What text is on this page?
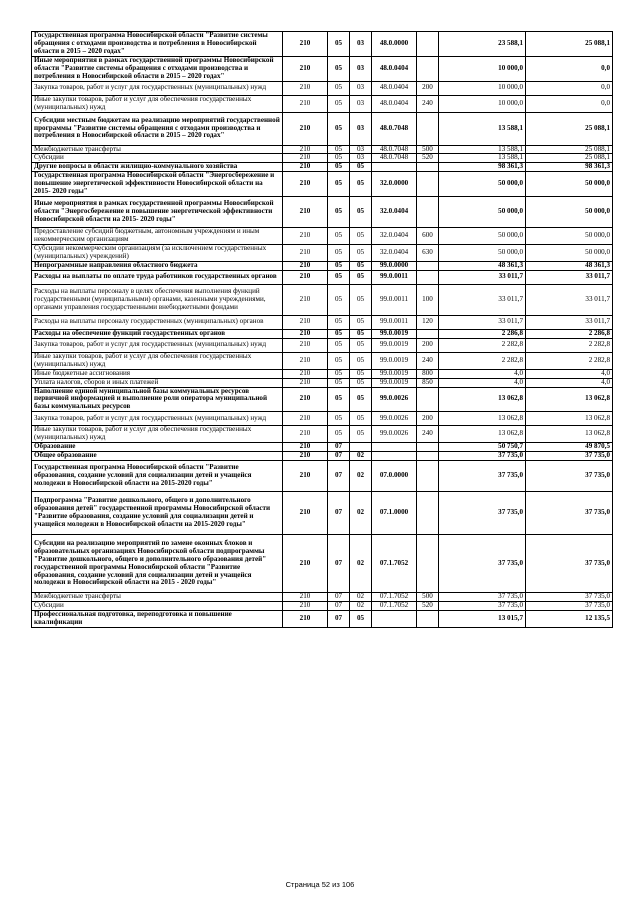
Государственная программа Новосибирской области "Развитие системы обращения с отходами производства и потребления в Новосибирской области в 2015 – 2020 годах"	210	05	03	48.0.0000		23 588,1	25 088,1
Иные мероприятия в рамках государственной программы Новосибирской области "Развитие системы обращения с отходами производства и потребления в Новосибирской области в 2015 – 2020 годах"	210	05	03	48.0.0404		10 000,0	0,0
Закупка товаров, работ и услуг для государственных (муниципальных) нужд	210	05	03	48.0.0404	200	10 000,0	0,0
Иные закупки товаров, работ и услуг для обеспечения государственных (муниципальных) нужд	210	05	03	48.0.0404	240	10 000,0	0,0
Субсидии местным бюджетам на реализацию мероприятий государственной программы "Развитие системы обращения с отходами производства и потребления в Новосибирской области в 2015 – 2020 годах"	210	05	03	48.0.7048		13 588,1	25 088,1
Межбюджетные трансферты	210	05	03	48.0.7048	500	13 588,1	25 088,1
Субсидии	210	05	03	48.0.7048	520	13 588,1	25 088,1
Другие вопросы в области жилищно-коммунального хозяйства	210	05	05			98 361,3	98 361,3
Государственная программа Новосибирской области "Энергосбережение и повышение энергетической эффективности Новосибирской области на 2015- 2020 годы"	210	05	05	32.0.0000		50 000,0	50 000,0
Иные мероприятия в рамках государственной программы Новосибирской области "Энергосбережение и повышение энергетической эффективности Новосибирской области на 2015- 2020 годы"	210	05	05	32.0.0404		50 000,0	50 000,0
Предоставление субсидий бюджетным, автономным учреждениям и иным некоммерческим организациям	210	05	05	32.0.0404	600	50 000,0	50 000,0
Субсидии некоммерческим организациям (за исключением государственных (муниципальных) учреждений)	210	05	05	32.0.0404	630	50 000,0	50 000,0
Непрограммные направления областного бюджета	210	05	05	99.0.0000		48 361,3	48 361,3
Расходы на выплаты по оплате труда работников государственных органов	210	05	05	99.0.0011		33 011,7	33 011,7
Расходы на выплаты персоналу в целях обеспечения выполнения функций государственными (муниципальными) органами, казенными учреждениями, органами управления государственными внебюджетными фондами	210	05	05	99.0.0011	100	33 011,7	33 011,7
Расходы на выплаты персоналу государственных (муниципальных) органов	210	05	05	99.0.0011	120	33 011,7	33 011,7
Расходы на обеспечение функций государственных органов	210	05	05	99.0.0019		2 286,8	2 286,8
Закупка товаров, работ и услуг для государственных (муниципальных) нужд	210	05	05	99.0.0019	200	2 282,8	2 282,8
Иные закупки товаров, работ и услуг для обеспечения государственных (муниципальных) нужд	210	05	05	99.0.0019	240	2 282,8	2 282,8
Иные бюджетные ассигнования	210	05	05	99.0.0019	800	4,0	4,0
Уплата налогов, сборов и иных платежей	210	05	05	99.0.0019	850	4,0	4,0
Наполнение единой муниципальной базы коммунальных ресурсов первичной информацией и выполнение роли оператора муниципальной базы коммунальных ресурсов	210	05	05	99.0.0026		13 062,8	13 062,8
Закупка товаров, работ и услуг для государственных (муниципальных) нужд	210	05	05	99.0.0026	200	13 062,8	13 062,8
Иные закупки товаров, работ и услуг для обеспечения государственных (муниципальных) нужд	210	05	05	99.0.0026	240	13 062,8	13 062,8
Образование	210	07				50 750,7	49 870,5
Общее образование	210	07	02			37 735,0	37 735,0
Государственная программа Новосибирской области "Развитие образования, создание условий для социализации детей и учащейся молодежи в Новосибирской области на 2015-2020 годы"	210	07	02	07.0.0000		37 735,0	37 735,0
Подпрограмма "Развитие дошкольного, общего и дополнительного образования детей" государственной программы Новосибирской области "Развитие образования, создание условий для социализации детей и учащейся молодежи в Новосибирской области на 2015-2020 годы"	210	07	02	07.1.0000		37 735,0	37 735,0
Субсидии на реализацию мероприятий по замене оконных блоков и образовательных организациях Новосибирской области подпрограммы "Развитие дошкольного, общего и дополнительного образования детей" государственной программы Новосибирской области "Развитие образования, создание условий для социализации детей и учащейся молодежи в Новосибирской области на 2015 - 2020 годы"	210	07	02	07.1.7052		37 735,0	37 735,0
Межбюджетные трансферты	210	07	02	07.1.7052	500	37 735,0	37 735,0
Субсидии	210	07	02	07.1.7052	520	37 735,0	37 735,0
Профессиональная подготовка, переподготовка и повышение квалификации	210	07	05			13 015,7	12 135,5
Страница 52 из 106
